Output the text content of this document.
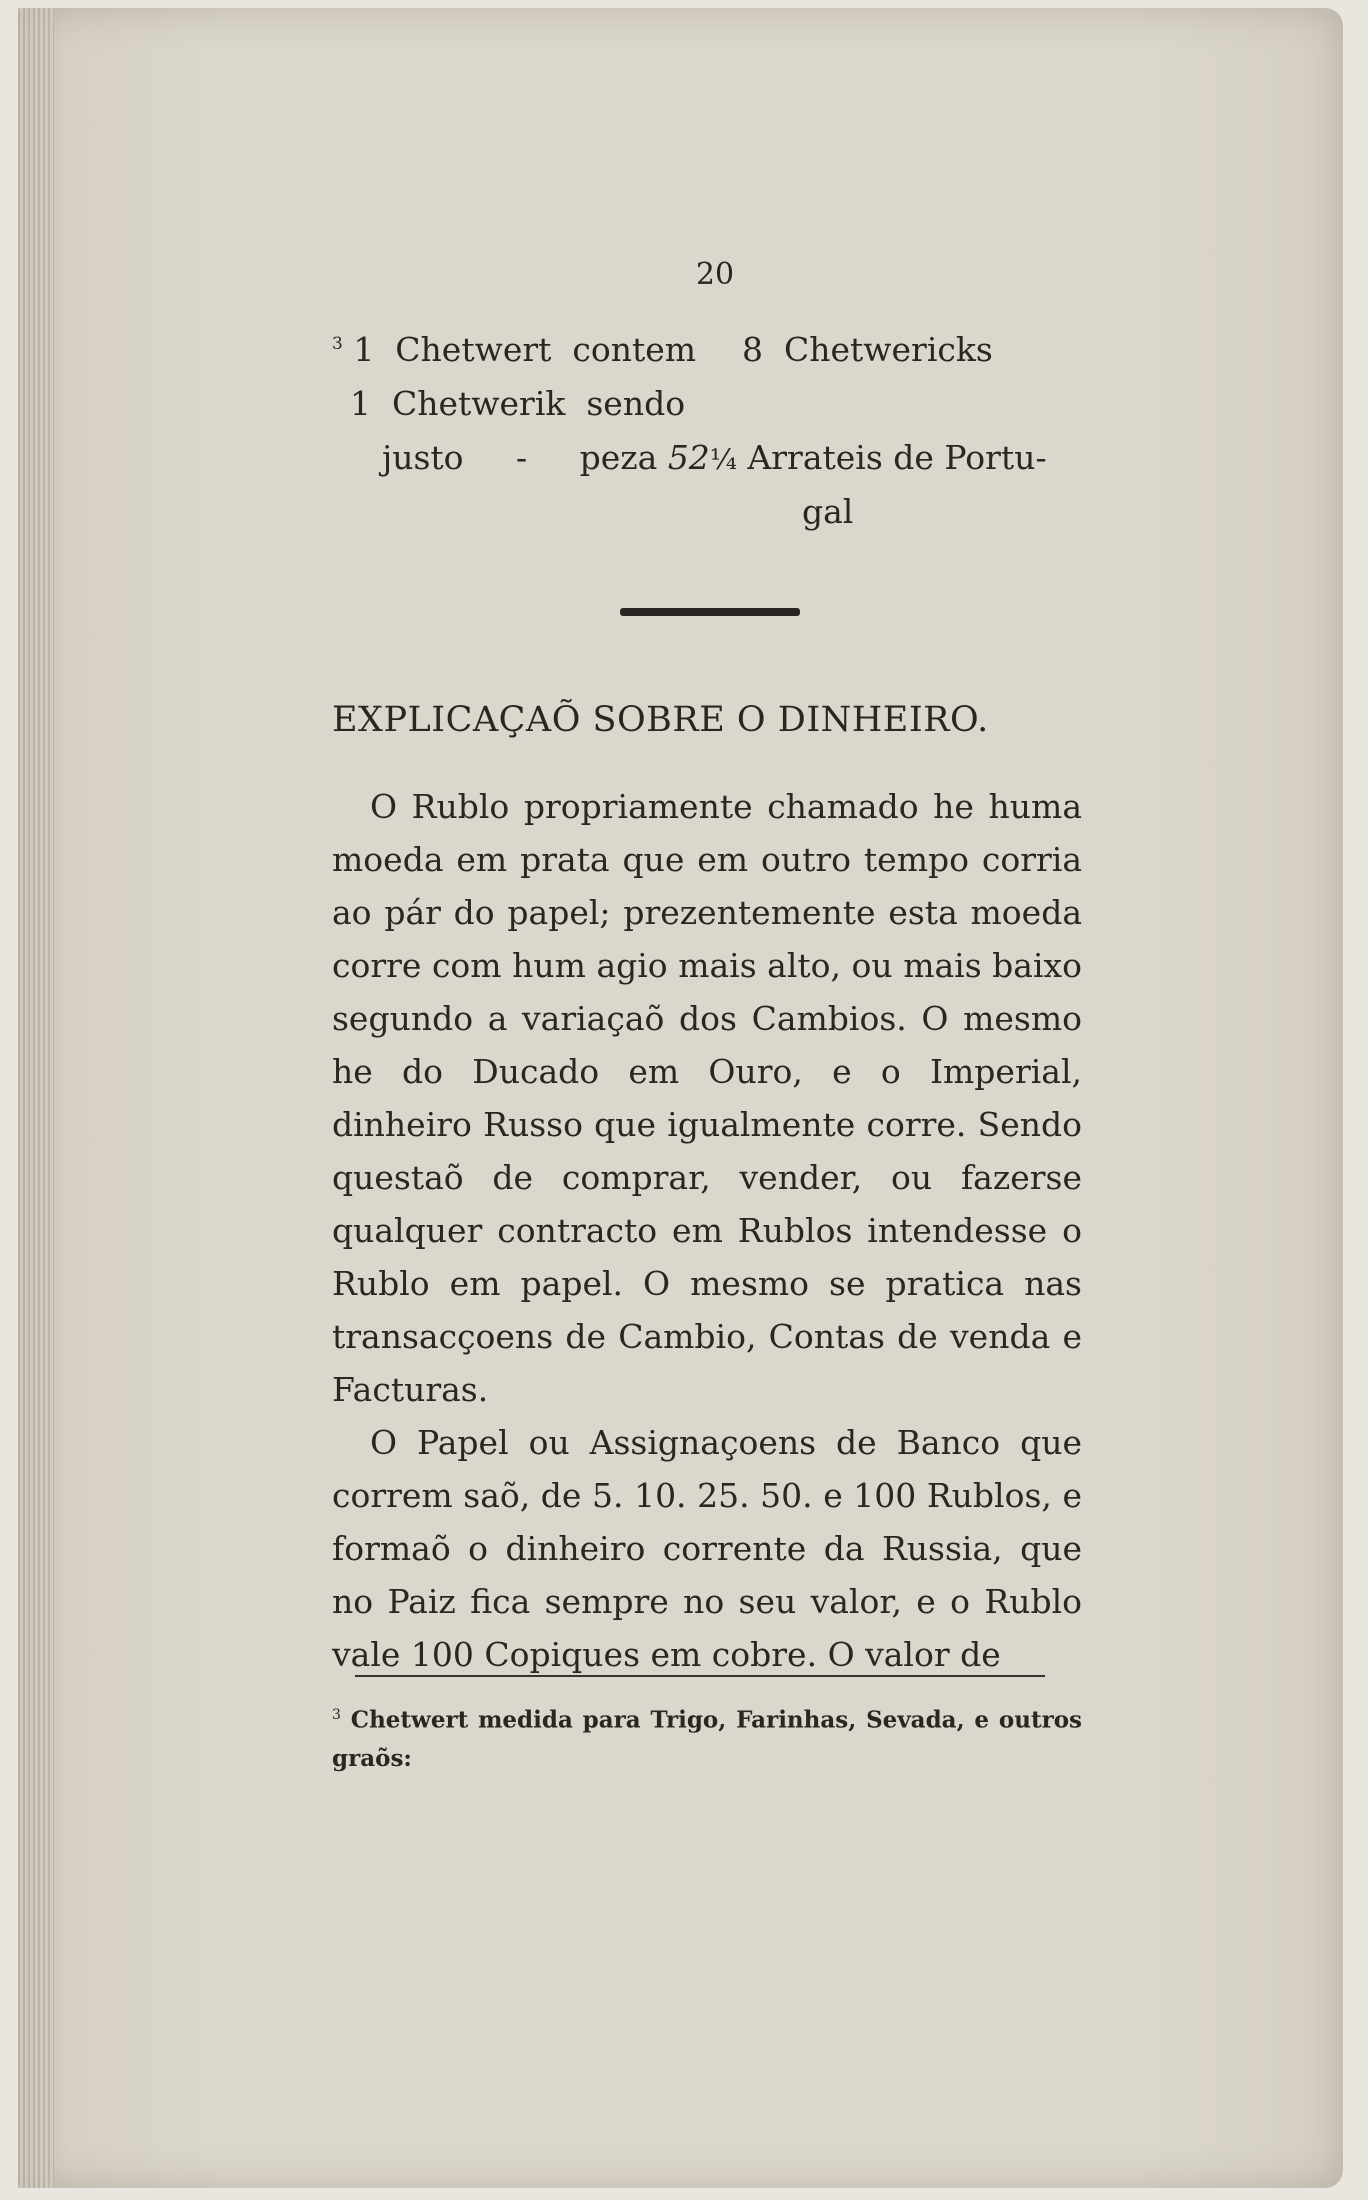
20
$^3$ 1  Chetwert  contem 8  Chetwericks
1  Chetwerik  sendo
justo     -     peza 52¼ Arrateis de Portu-
gal
EXPLICAÇAÕ SOBRE O DINHEIRO.

O Rublo propriamente chamado he huma moeda em prata que em outro tempo corria ao pár do papel; prezentemente esta moeda corre com hum agio mais alto, ou mais baixo segundo a variaçaõ dos Cambios. O mesmo he do Ducado em Ouro, e o Imperial, dinheiro Russo que igualmente corre. Sendo questaõ de comprar, vender, ou fazerse qualquer contracto em Rublos intendesse o Rublo em papel. O mesmo se pratica nas transacçoens de Cambio, Contas de venda e Facturas.

O Papel ou Assignaçoens de Banco que correm saõ, de 5. 10. 25. 50. e 100 Rublos, e formaõ o dinheiro corrente da Russia, que no Paiz fica sempre no seu valor, e o Rublo vale 100 Copiques em cobre. O valor de

$^3$ Chetwert medida para Trigo, Farinhas, Sevada, e outros graõs:
